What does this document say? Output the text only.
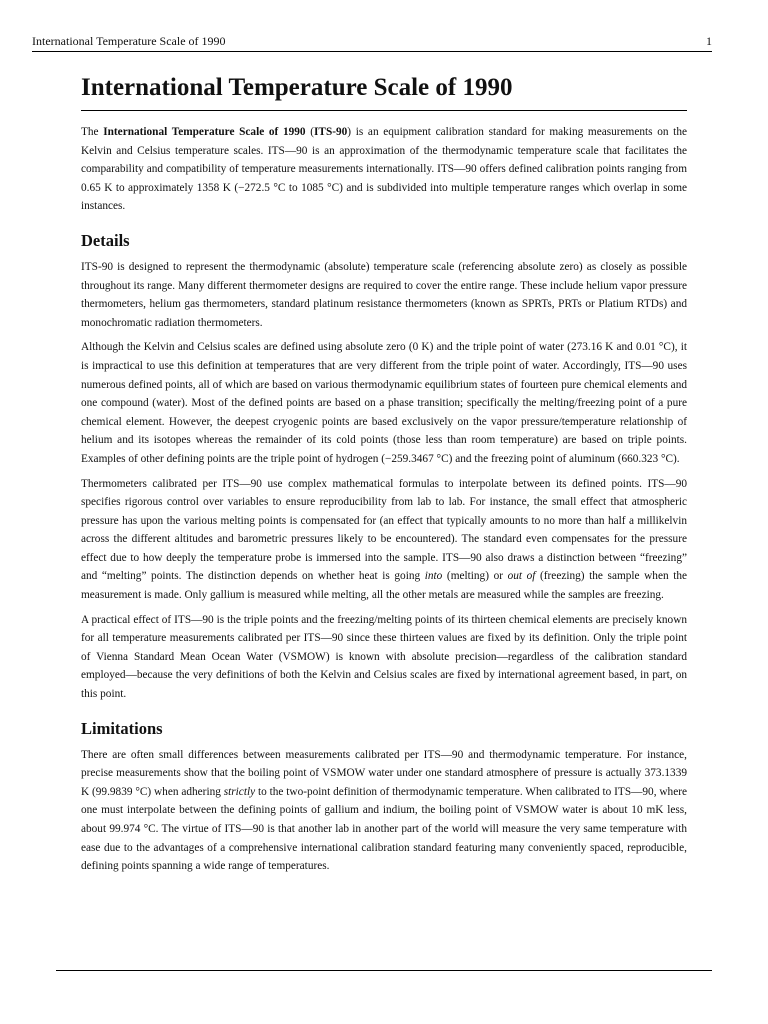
International Temperature Scale of 1990	1
International Temperature Scale of 1990

The International Temperature Scale of 1990 (ITS-90) is an equipment calibration standard for making measurements on the Kelvin and Celsius temperature scales. ITS—90 is an approximation of the thermodynamic temperature scale that facilitates the comparability and compatibility of temperature measurements internationally. ITS—90 offers defined calibration points ranging from 0.65 K to approximately 1358 K (−272.5 °C to 1085 °C) and is subdivided into multiple temperature ranges which overlap in some instances.

Details

ITS-90 is designed to represent the thermodynamic (absolute) temperature scale (referencing absolute zero) as closely as possible throughout its range. Many different thermometer designs are required to cover the entire range. These include helium vapor pressure thermometers, helium gas thermometers, standard platinum resistance thermometers (known as SPRTs, PRTs or Platium RTDs) and monochromatic radiation thermometers.

Although the Kelvin and Celsius scales are defined using absolute zero (0 K) and the triple point of water (273.16 K and 0.01 °C), it is impractical to use this definition at temperatures that are very different from the triple point of water. Accordingly, ITS—90 uses numerous defined points, all of which are based on various thermodynamic equilibrium states of fourteen pure chemical elements and one compound (water). Most of the defined points are based on a phase transition; specifically the melting/freezing point of a pure chemical element. However, the deepest cryogenic points are based exclusively on the vapor pressure/temperature relationship of helium and its isotopes whereas the remainder of its cold points (those less than room temperature) are based on triple points. Examples of other defining points are the triple point of hydrogen (−259.3467 °C) and the freezing point of aluminum (660.323 °C).

Thermometers calibrated per ITS—90 use complex mathematical formulas to interpolate between its defined points. ITS—90 specifies rigorous control over variables to ensure reproducibility from lab to lab. For instance, the small effect that atmospheric pressure has upon the various melting points is compensated for (an effect that typically amounts to no more than half a millikelvin across the different altitudes and barometric pressures likely to be encountered). The standard even compensates for the pressure effect due to how deeply the temperature probe is immersed into the sample. ITS—90 also draws a distinction between “freezing” and “melting” points. The distinction depends on whether heat is going into (melting) or out of (freezing) the sample when the measurement is made. Only gallium is measured while melting, all the other metals are measured while the samples are freezing.

A practical effect of ITS—90 is the triple points and the freezing/melting points of its thirteen chemical elements are precisely known for all temperature measurements calibrated per ITS—90 since these thirteen values are fixed by its definition. Only the triple point of Vienna Standard Mean Ocean Water (VSMOW) is known with absolute precision—regardless of the calibration standard employed—because the very definitions of both the Kelvin and Celsius scales are fixed by international agreement based, in part, on this point.

Limitations

There are often small differences between measurements calibrated per ITS—90 and thermodynamic temperature. For instance, precise measurements show that the boiling point of VSMOW water under one standard atmosphere of pressure is actually 373.1339 K (99.9839 °C) when adhering strictly to the two-point definition of thermodynamic temperature. When calibrated to ITS—90, where one must interpolate between the defining points of gallium and indium, the boiling point of VSMOW water is about 10 mK less, about 99.974 °C. The virtue of ITS—90 is that another lab in another part of the world will measure the very same temperature with ease due to the advantages of a comprehensive international calibration standard featuring many conveniently spaced, reproducible, defining points spanning a wide range of temperatures.
